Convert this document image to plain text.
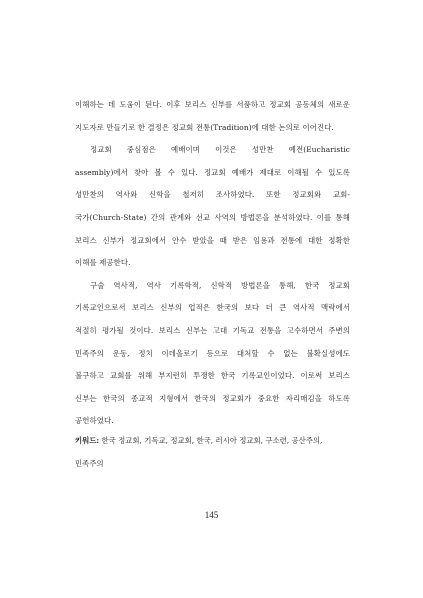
이해하는 데 도움이 된다. 이후 보리스 신부를 서품하고 정교회 공동체의 새로운
지도자로 만들기로 한 결정은 정교회 전통(Tradition)에 대한 논의로 이어진다.
정교회 중심점은 예배이며 이것은 성만찬 예전(Eucharistic
assembly)에서 찾아 볼 수 있다. 정교회 예배가 제대로 이해될 수 있도록
성만찬의 역사와 신학을 철저히 조사하였다. 또한 정교회와 교회-
국가(Church-State) 간의 관계와 선교 사역의 방법론을 분석하였다. 이를 통해
보리스 신부가 정교회에서 안수 받았을 때 받은 임용과 전통에 대한 정확한
이해를 제공한다.
구술 역사적, 역사 기록학적, 신학적 방법론을 통해, 한국 정교회
기록교인으로서 보리스 신부의 업적은 한국의 보다 더 큰 역사적 맥락에서
적절히 평가될 것이다. 보리스 신부는 고대 기독교 전통을 고수하면서 주변의
민족주의 운동, 정치 이데올로기 등으로 대처할 수 없는 불확실성에도
불구하고 교회를 위해 부지런히 투쟁한 한국 기록교인이었다. 이로써 보리스
신부는 한국의 종교적 지형에서 한국의 정교회가 중요한 자리매김을 하도록
공헌하였다.
키워드: 한국 정교회, 기독교, 정교회, 한국, 러시아 정교회, 구소련, 공산주의,
민족주의
145
